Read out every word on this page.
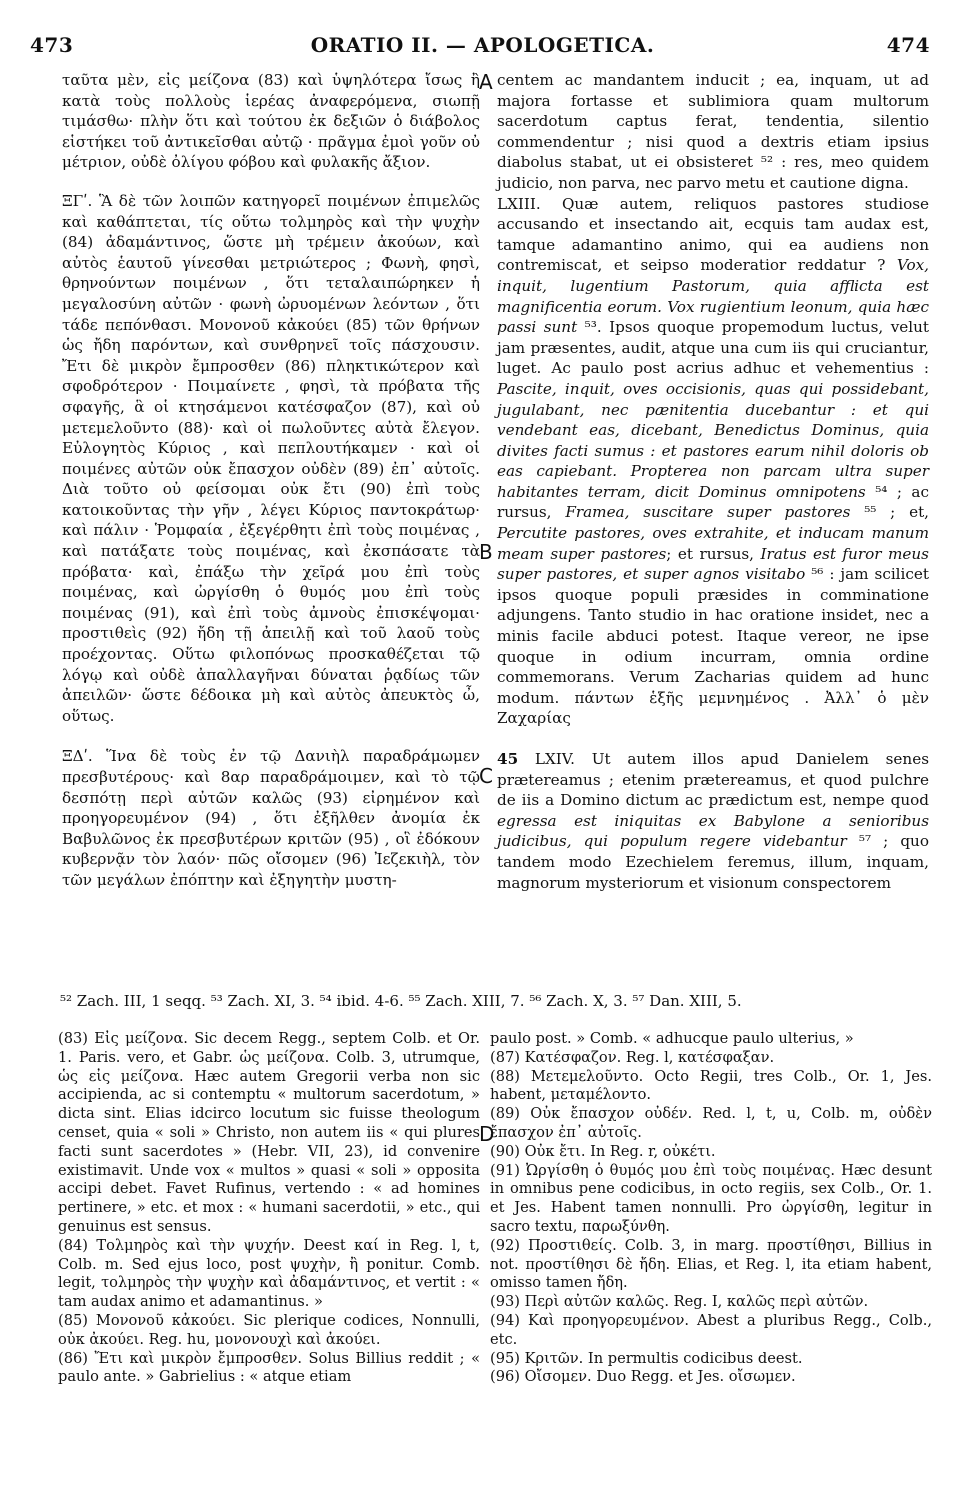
473	ORATIO II. — APOLOGETICA.	474
A
B
C
D

ταῦτα μὲν, εἰς μείζονα (83) καὶ ὑψηλότερα ἴσως ἢ κατὰ τοὺς πολλοὺς ἱερέας ἀναφερόμενα, σιωπῇ τιμάσθω· πλὴν ὅτι καὶ τούτου ἐκ δεξιῶν ὁ διάβολος εἱστήκει τοῦ ἀντικεῖσθαι αὐτῷ · πρᾶγμα ἐμοὶ γοῦν οὐ μέτριον, οὐδὲ ὀλίγου φόβου καὶ φυλακῆς ἄξιον.

ΞΓʹ. Ἃ δὲ τῶν λοιπῶν κατηγορεῖ ποιμένων ἐπιμελῶς καὶ καθάπτεται, τίς οὕτω τολμηρὸς καὶ τὴν ψυχὴν (84) ἀδαμάντινος, ὥστε μὴ τρέμειν ἀκούων, καὶ αὐτὸς ἑαυτοῦ γίνεσθαι μετριώτερος ; Φωνὴ, φησὶ, θρηνούντων ποιμένων , ὅτι τεταλαιπώρηκεν ἡ μεγαλοσύνη αὐτῶν · φωνὴ ὠρυομένων λεόντων , ὅτι τάδε πεπόνθασι. Μονονοῦ κἀκούει (85) τῶν θρήνων ὡς ἤδη παρόντων, καὶ συνθρηνεῖ τοῖς πάσχουσιν. Ἔτι δὲ μικρὸν ἔμπροσθεν (86) πληκτικώτερον καὶ σφοδρότερον · Ποιμαίνετε , φησὶ, τὰ πρόβατα τῆς σφαγῆς, ἃ οἱ κτησάμενοι κατέσφαζον (87), καὶ οὐ μετεμελοῦντο (88)· καὶ οἱ πωλοῦντες αὐτὰ ἔλεγον. Εὐλογητὸς Κύριος , καὶ πεπλουτήκαμεν · καὶ οἱ ποιμένες αὐτῶν οὐκ ἔπασχον οὐδὲν (89) ἐπ᾽ αὐτοῖς. Διὰ τοῦτο οὐ φείσομαι οὐκ ἔτι (90) ἐπὶ τοὺς κατοικοῦντας τὴν γῆν , λέγει Κύριος παντοκράτωρ· καὶ πάλιν · Ῥομφαία , ἐξεγέρθητι ἐπὶ τοὺς ποιμένας , καὶ πατάξατε τοὺς ποιμένας, καὶ ἐκσπάσατε τὰ πρόβατα· καὶ, ἐπάξω τὴν χεῖρά μου ἐπὶ τοὺς ποιμένας, καὶ ὠργίσθη ὁ θυμός μου ἐπὶ τοὺς ποιμένας (91), καὶ ἐπὶ τοὺς ἀμνοὺς ἐπισκέψομαι· προστιθεὶς (92) ἤδη τῇ ἀπειλῇ καὶ τοῦ λαοῦ τοὺς προέχοντας. Οὕτω φιλοπόνως προσκαθέζεται τῷ λόγῳ καὶ οὐδὲ ἀπαλλαγῆναι δύναται ῥᾳδίως τῶν ἀπειλῶν· ὥστε δέδοικα μὴ καὶ αὐτὸς ἀπευκτὸς ὦ, οὕτως.

ΞΔʹ. Ἵνα δὲ τοὺς ἐν τῷ Δανιὴλ παραδράμωμεν πρεσβυτέρους· καὶ 8αρ παραδράμοιμεν, καὶ τὸ τῷ δεσπότῃ περὶ αὐτῶν καλῶς (93) εἰρημένον καὶ προηγορευμένον (94) , ὅτι ἐξῆλθεν ἀνομία ἐκ Βαβυλῶνος ἐκ πρεσβυτέρων κριτῶν (95) , οἳ ἐδόκουν κυβερνᾷν τὸν λαόν· πῶς οἴσομεν (96) Ἰεζεκιὴλ, τὸν τῶν μεγάλων ἐπόπτην καὶ ἐξηγητὴν μυστη-

centem ac mandantem inducit ; ea, inquam, ut ad majora fortasse et sublimiora quam multorum sacerdotum captus ferat, tendentia, silentio commendentur ; nisi quod a dextris etiam ipsius diabolus stabat, ut ei obsisteret ⁵² : res, meo quidem judicio, non parva, nec parvo metu et cautione digna.

LXIII. Quæ autem, reliquos pastores studiose accusando et insectando ait, ecquis tam audax est, tamque adamantino animo, qui ea audiens non contremiscat, et seipso moderatior reddatur ? Vox, inquit, lugentium Pastorum, quia afflicta est magnificentia eorum. Vox rugientium leonum, quia hæc passi sunt ⁵³. Ipsos quoque propemodum luctus, velut jam præsentes, audit, atque una cum iis qui cruciantur, luget. Ac paulo post acrius adhuc et vehementius : Pascite, inquit, oves occisionis, quas qui possidebant, jugulabant, nec pænitentia ducebantur : et qui vendebant eas, dicebant, Benedictus Dominus, quia divites facti sumus : et pastores earum nihil doloris ob eas capiebant. Propterea non parcam ultra super habitantes terram, dicit Dominus omnipotens ⁵⁴ ; ac rursus, Framea, suscitare super pastores ⁵⁵ ; et, Percutite pastores, oves extrahite, et inducam manum meam super pastores; et rursus, Iratus est furor meus super pastores, et super agnos visitabo ⁵⁶ : jam scilicet ipsos quoque populi præsides in comminatione adjungens. Tanto studio in hac oratione insidet, nec a minis facile abduci potest. Itaque vereor, ne ipse quoque in odium incurram, omnia ordine commemorans. Verum Zacharias quidem ad hunc modum. πάντων ἑξῆς μεμνημένος . Ἀλλ᾽ ὁ μὲν Ζαχαρίας

45 LXIV. Ut autem illos apud Danielem senes prætereamus ; etenim prætereamus, et quod pulchre de iis a Domino dictum ac prædictum est, nempe quod egressa est iniquitas ex Babylone a senioribus judicibus, qui populum regere videbantur ⁵⁷ ; quo tandem modo Ezechielem feremus, illum, inquam, magnorum mysteriorum et visionum conspectorem

⁵² Zach. III, 1 seqq. ⁵³ Zach. XI, 3. ⁵⁴ ibid. 4-6. ⁵⁵ Zach. XIII, 7. ⁵⁶ Zach. X, 3. ⁵⁷ Dan. XIII, 5.

(83) Εἰς μείζονα. Sic decem Regg., septem Colb. et Or. 1. Paris. vero, et Gabr. ὡς μείζονα. Colb. 3, utrumque, ὡς εἰς μείζονα. Hæc autem Gregorii verba non sic accipienda, ac si contemptu « multorum sacerdotum, » dicta sint. Elias idcirco locutum sic fuisse theologum censet, quia « soli » Christo, non autem iis « qui plures facti sunt sacerdotes » (Hebr. VII, 23), id convenire existimavit. Unde vox « multos » quasi « soli » opposita accipi debet. Favet Rufinus, vertendo : « ad homines pertinere, » etc. et mox : « humani sacerdotii, » etc., qui genuinus est sensus.

(84) Τολμηρὸς καὶ τὴν ψυχήν. Deest καί in Reg. l, t, Colb. m. Sed ejus loco, post ψυχὴν, ἢ ponitur. Comb. legit, τολμηρὸς τὴν ψυχὴν καὶ ἀδαμάντινος, et vertit : « tam audax animo et adamantinus. »

(85) Μονονοῦ κἀκούει. Sic plerique codices, Nonnulli, οὐκ ἀκούει. Reg. hu, μονονουχὶ καὶ ἀκούει.

(86) Ἔτι καὶ μικρὸν ἔμπροσθεν. Solus Billius reddit ; « paulo ante. » Gabrielius : « atque etiam

paulo post. » Comb. « adhucque paulo ulterius, »

(87) Κατέσφαζον. Reg. l, κατέσφαξαν.

(88) Μετεμελοῦντο. Octo Regii, tres Colb., Or. 1, Jes. habent, μεταμέλοντο.

(89) Οὐκ ἔπασχον οὐδέν. Red. l, t, u, Colb. m, οὐδὲν ἔπασχον ἐπ᾽ αὐτοῖς.

(90) Οὐκ ἔτι. In Reg. r, οὐκέτι.

(91) Ὠργίσθη ὁ θυμός μου ἐπὶ τοὺς ποιμένας. Hæc desunt in omnibus pene codicibus, in octo regiis, sex Colb., Or. 1. et Jes. Habent tamen nonnulli. Pro ὠργίσθη, legitur in sacro textu, παρωξύνθη.

(92) Προστιθείς. Colb. 3, in marg. προστίθησι, Billius in not. προστίθησι δὲ ἤδη. Elias, et Reg. l, ita etiam habent, omisso tamen ἤδη.

(93) Περὶ αὐτῶν καλῶς. Reg. I, καλῶς περὶ αὐτῶν.

(94) Καὶ προηγορευμένον. Abest a pluribus Regg., Colb., etc.

(95) Κριτῶν. In permultis codicibus deest.

(96) Οἴσομεν. Duo Regg. et Jes. οἴσωμεν.
